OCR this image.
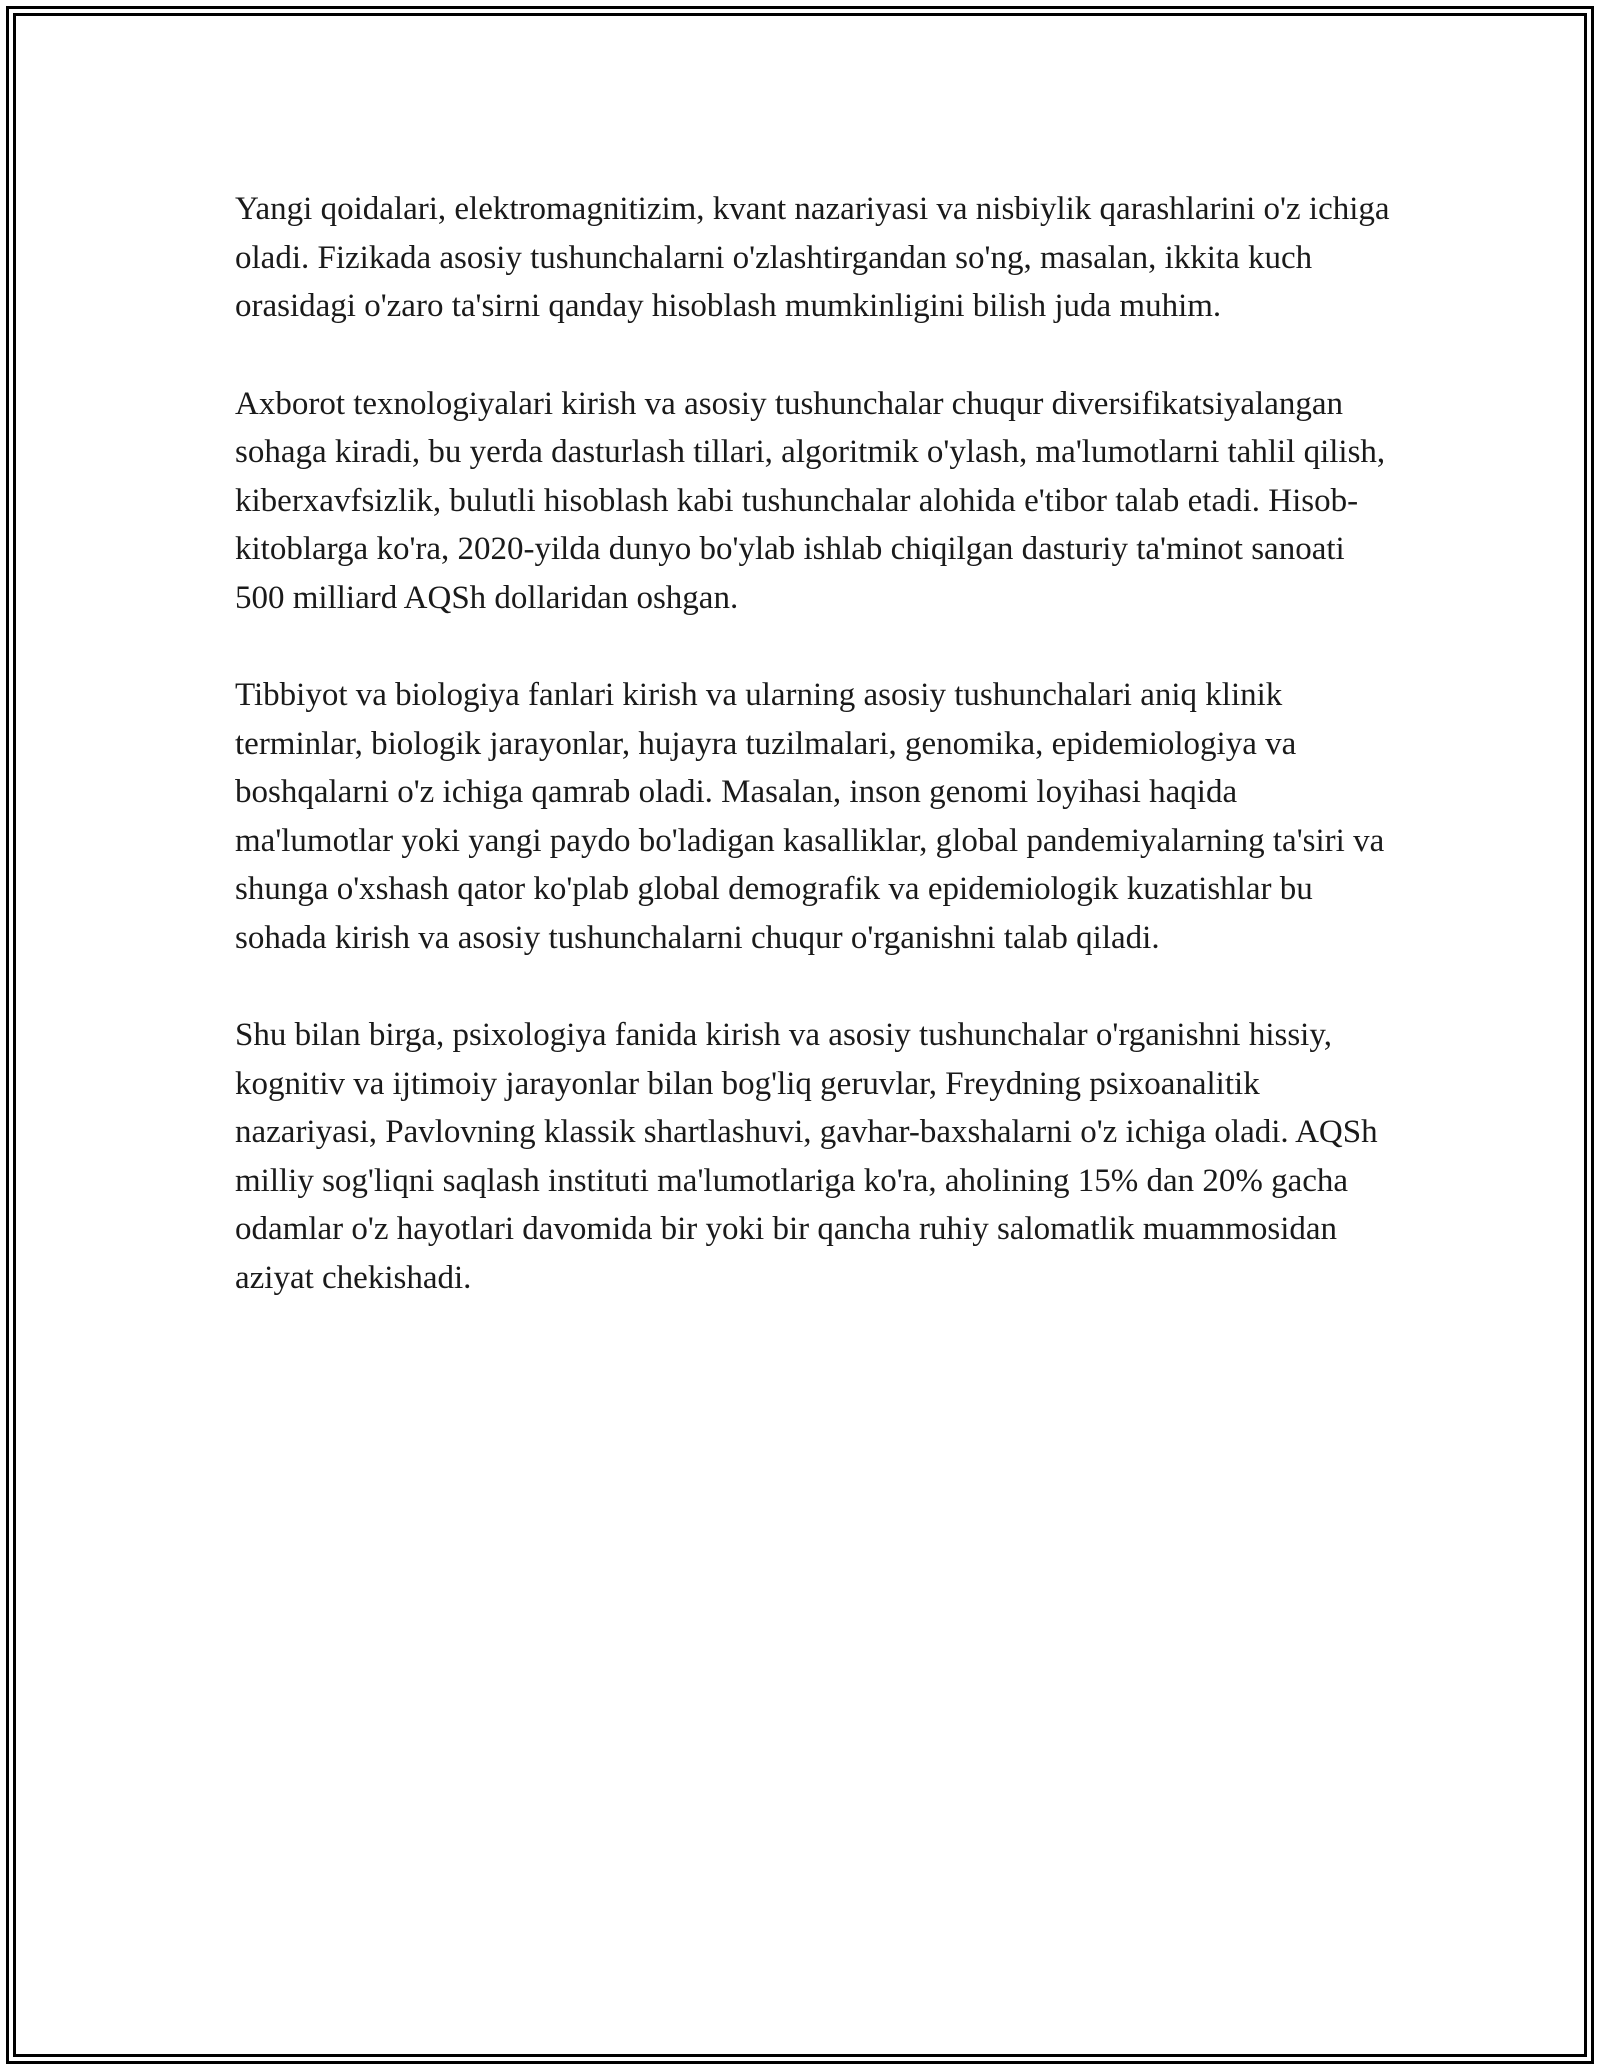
Yangi qoidalari, elektromagnitizim, kvant nazariyasi va nisbiylik qarashlarini o'z ichiga oladi. Fizikada asosiy tushunchalarni o'zlashtirgandan so'ng, masalan, ikkita kuch orasidagi o'zaro ta'sirni qanday hisoblash mumkinligini bilish juda muhim.

Axborot texnologiyalari kirish va asosiy tushunchalar chuqur diversifikatsiyalangan sohaga kiradi, bu yerda dasturlash tillari, algoritmik o'ylash, ma'lumotlarni tahlil qilish, kiberxavfsizlik, bulutli hisoblash kabi tushunchalar alohida e'tibor talab etadi. Hisob-kitoblarga ko'ra, 2020-yilda dunyo bo'ylab ishlab chiqilgan dasturiy ta'minot sanoati 500 milliard AQSh dollaridan oshgan.

Tibbiyot va biologiya fanlari kirish va ularning asosiy tushunchalari aniq klinik terminlar, biologik jarayonlar, hujayra tuzilmalari, genomika, epidemiologiya va boshqalarni o'z ichiga qamrab oladi. Masalan, inson genomi loyihasi haqida ma'lumotlar yoki yangi paydo bo'ladigan kasalliklar, global pandemiyalarning ta'siri va shunga o'xshash qator ko'plab global demografik va epidemiologik kuzatishlar bu sohada kirish va asosiy tushunchalarni chuqur o'rganishni talab qiladi.

Shu bilan birga, psixologiya fanida kirish va asosiy tushunchalar o'rganishni hissiy, kognitiv va ijtimoiy jarayonlar bilan bog'liq geruvlar, Freydning psixoanalitik nazariyasi, Pavlovning klassik shartlashuvi, gavhar-baxshalarni o'z ichiga oladi. AQSh milliy sog'liqni saqlash instituti ma'lumotlariga ko'ra, aholining 15% dan 20% gacha odamlar o'z hayotlari davomida bir yoki bir qancha ruhiy salomatlik muammosidan aziyat chekishadi.
